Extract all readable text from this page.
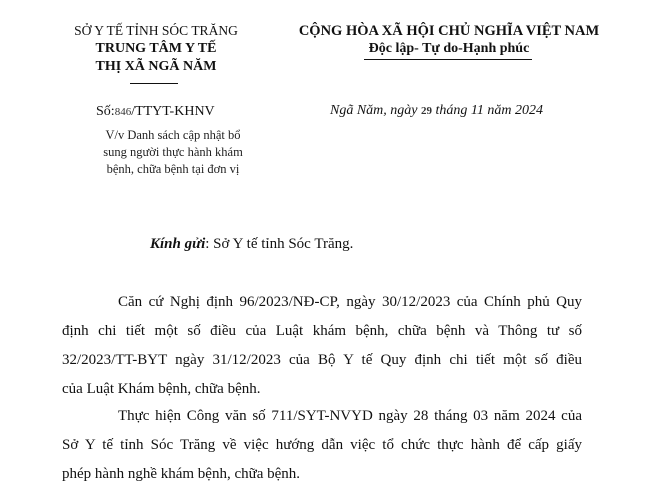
SỞ Y TẾ TỈNH SÓC TRĂNG
TRUNG TÂM Y TẾ
THỊ XÃ NGÃ NĂM
CỘNG HÒA XÃ HỘI CHỦ NGHĨA VIỆT NAM
Độc lập- Tự do-Hạnh phúc
Số:846/TTYT-KHNV	Ngã Năm, ngày 29 tháng 11 năm 2024
V/v Danh sách cập nhật bổ
sung người thực hành khám
bệnh, chữa bệnh tại đơn vị
Kính gửi: Sở Y tế tỉnh Sóc Trăng.
Căn cứ Nghị định 96/2023/NĐ-CP, ngày 30/12/2023 của Chính phủ Quy
định chi tiết một số điều của Luật khám bệnh, chữa bệnh và Thông tư số
32/2023/TT-BYT ngày 31/12/2023 của Bộ Y tế Quy định chi tiết một số điều
của Luật Khám bệnh, chữa bệnh.
Thực hiện Công văn số 711/SYT-NVYD ngày 28 tháng 03 năm 2024 của
Sở Y tế tỉnh Sóc Trăng về việc hướng dẫn việc tổ chức thực hành để cấp giấy
phép hành nghề khám bệnh, chữa bệnh.
